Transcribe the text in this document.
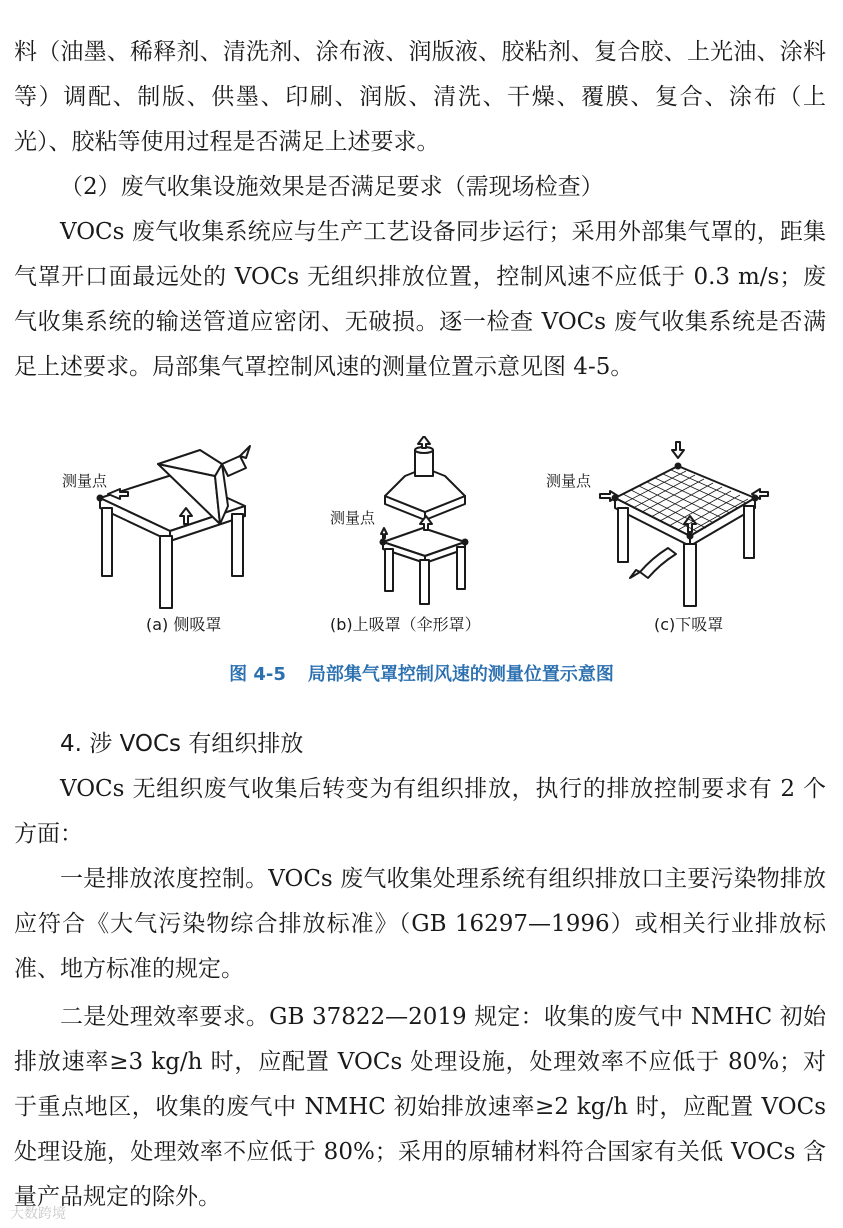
料（油墨、稀释剂、清洗剂、涂布液、润版液、胶粘剂、复合胶、上光油、涂料等）调配、制版、供墨、印刷、润版、清洗、干燥、覆膜、复合、涂布（上光）、胶粘等使用过程是否满足上述要求。

（2）废气收集设施效果是否满足要求（需现场检查）

VOCs 废气收集系统应与生产工艺设备同步运行；采用外部集气罩的，距集气罩开口面最远处的 VOCs 无组织排放位置，控制风速不应低于 0.3 m/s；废气收集系统的输送管道应密闭、无破损。逐一检查 VOCs 废气收集系统是否满足上述要求。局部集气罩控制风速的测量位置示意见图 4-5。

测量点
(a) 侧吸罩
测量点
(b)上吸罩（伞形罩）
测量点
(c)下吸罩
图 4-5 局部集气罩控制风速的测量位置示意图

4. 涉 VOCs 有组织排放

VOCs 无组织废气收集后转变为有组织排放，执行的排放控制要求有 2 个方面：

一是排放浓度控制。VOCs 废气收集处理系统有组织排放口主要污染物排放应符合《大气污染物综合排放标准》（GB 16297—1996）或相关行业排放标准、地方标准的规定。

二是处理效率要求。GB 37822—2019 规定：收集的废气中 NMHC 初始排放速率≥3 kg/h 时，应配置 VOCs 处理设施，处理效率不应低于 80%；对于重点地区，收集的废气中 NMHC 初始排放速率≥2 kg/h 时，应配置 VOCs 处理设施，处理效率不应低于 80%；采用的原辅材料符合国家有关低 VOCs 含量产品规定的除外。

大数跨境
